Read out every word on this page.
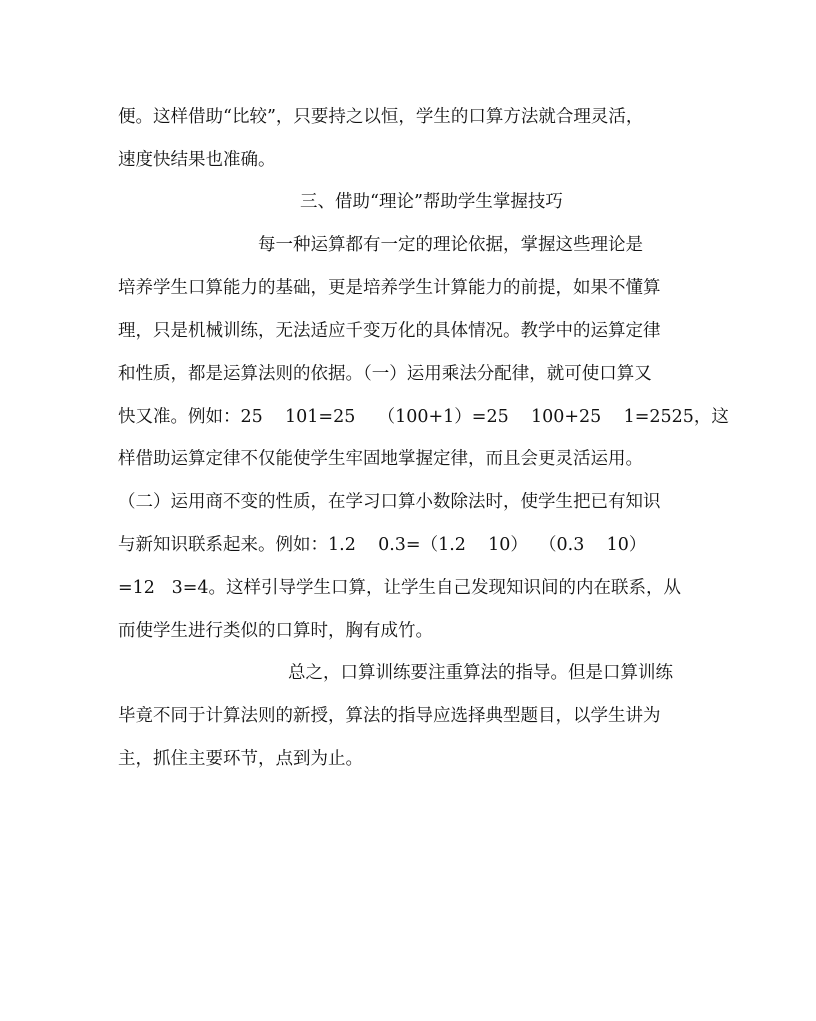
便。这样借助“比较”，只要持之以恒，学生的口算方法就合理灵活，

速度快结果也准确。

三、借助“理论”帮助学生掌握技巧

每一种运算都有一定的理论依据，掌握这些理论是

培养学生口算能力的基础，更是培养学生计算能力的前提，如果不懂算

理，只是机械训练，无法适应千变万化的具体情况。教学中的运算定律

和性质，都是运算法则的依据。（一）运用乘法分配律，就可使口算又

快又准。例如：25    101=25    （100+1）=25    100+25    1=2525，这

样借助运算定律不仅能使学生牢固地掌握定律，而且会更灵活运用。

（二）运用商不变的性质，在学习口算小数除法时，使学生把已有知识

与新知识联系起来。例如：1.2    0.3=（1.2    10）  （0.3    10）

=12   3=4。这样引导学生口算，让学生自己发现知识间的内在联系，从

而使学生进行类似的口算时，胸有成竹。

总之，口算训练要注重算法的指导。但是口算训练

毕竟不同于计算法则的新授，算法的指导应选择典型题目，以学生讲为

主，抓住主要环节，点到为止。
